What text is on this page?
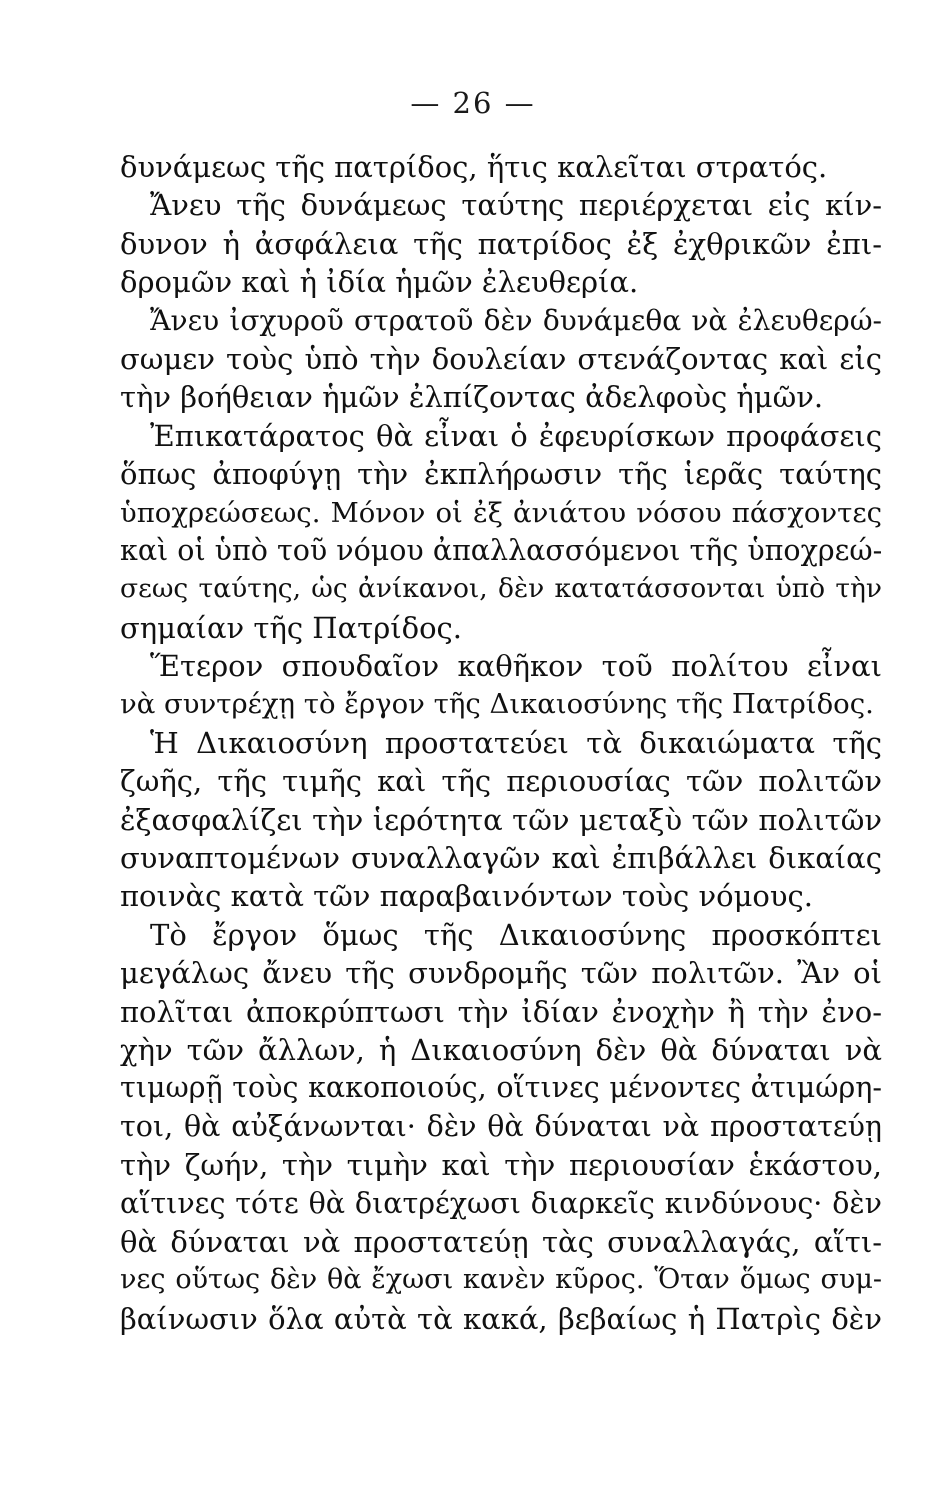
— 26 —
δυνάμεως τῆς πατρίδος, ἥτις καλεῖται στρατός.
Ἄνευ τῆς δυνάμεως ταύτης περιέρχεται εἰς κίν-
δυνον ἡ ἀσφάλεια τῆς πατρίδος ἐξ ἐχθρικῶν ἐπι-
δρομῶν καὶ ἡ ἰδία ἡμῶν ἐλευθερία.
Ἄνευ ἰσχυροῦ στρατοῦ δὲν δυνάμεθα νὰ ἐλευθερώ-
σωμεν τοὺς ὑπὸ τὴν δουλείαν στενάζοντας καὶ εἰς
τὴν βοήθειαν ἡμῶν ἐλπίζοντας ἀδελφοὺς ἡμῶν.
Ἐπικατάρατος θὰ εἶναι ὁ ἐφευρίσκων προφάσεις
ὅπως ἀποφύγῃ τὴν ἐκπλήρωσιν τῆς ἱερᾶς ταύτης
ὑποχρεώσεως. Μόνον οἱ ἐξ ἀνιάτου νόσου πάσχοντες
καὶ οἱ ὑπὸ τοῦ νόμου ἀπαλλασσόμενοι τῆς ὑποχρεώ-
σεως ταύτης, ὡς ἀνίκανοι, δὲν κατατάσσονται ὑπὸ τὴν
σημαίαν τῆς Πατρίδος.
Ἕτερον σπουδαῖον καθῆκον τοῦ πολίτου εἶναι
νὰ συντρέχῃ τὸ ἔργον τῆς Δικαιοσύνης τῆς Πατρίδος.
Ἡ Δικαιοσύνη προστατεύει τὰ δικαιώματα τῆς
ζωῆς, τῆς τιμῆς καὶ τῆς περιουσίας τῶν πολιτῶν
ἐξασφαλίζει τὴν ἱερότητα τῶν μεταξὺ τῶν πολιτῶν
συναπτομένων συναλλαγῶν καὶ ἐπιβάλλει δικαίας
ποινὰς κατὰ τῶν παραβαινόντων τοὺς νόμους.
Τὸ ἔργον ὅμως τῆς Δικαιοσύνης προσκόπτει
μεγάλως ἄνευ τῆς συνδρομῆς τῶν πολιτῶν. Ἂν οἱ
πολῖται ἀποκρύπτωσι τὴν ἰδίαν ἐνοχὴν ἢ τὴν ἐνο-
χὴν τῶν ἄλλων, ἡ Δικαιοσύνη δὲν θὰ δύναται νὰ
τιμωρῇ τοὺς κακοποιούς, οἵτινες μένοντες ἀτιμώρη-
τοι, θὰ αὐξάνωνται· δὲν θὰ δύναται νὰ προστατεύῃ
τὴν ζωήν, τὴν τιμὴν καὶ τὴν περιουσίαν ἑκάστου,
αἵτινες τότε θὰ διατρέχωσι διαρκεῖς κινδύνους· δὲν
θὰ δύναται νὰ προστατεύῃ τὰς συναλλαγάς, αἵτι-
νες οὕτως δὲν θὰ ἔχωσι κανὲν κῦρος. Ὅταν ὅμως συμ-
βαίνωσιν ὅλα αὐτὰ τὰ κακά, βεβαίως ἡ Πατρὶς δὲν
